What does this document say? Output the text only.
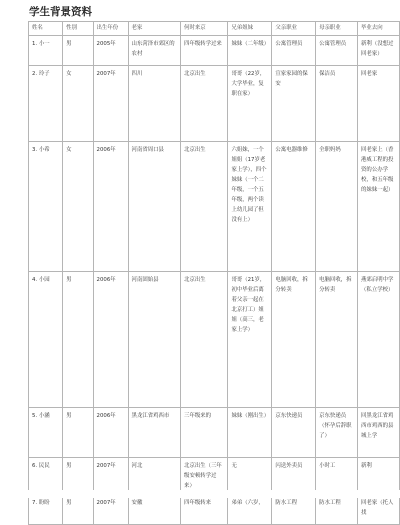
学生背景资料
姓名	性别	出生年份	老家	何时来京	兄弟姐妹	父亲职业	母亲职业	毕业去向
1. 小一	男	2005年	山东菏泽市郊区的农村	四年级转学过来	妹妹（二年级）	公寓管理员	公寓管理员	新利（没想过回老家）
2. 玲子	女	2007年	四川	北京出生	哥哥（22岁，大学毕业，复职在家）	宣家家园的保安	保洁员	回老家
3. 小希	女	2006年	河南省周口县	北京出生	六姐妹，一个姐姐（17岁老家上学），四个妹妹（一个二年级，一个五年级，两个读上幼儿园了但没有上）	公寓电器维修	全职妈妈	回老家上（香港威工程的投资的公办学校，和五年级的妹妹一起）
4. 小园	男	2006年	河南固始县	北京出生	哥哥（21岁，初中毕业后离着父亲一起在北京打工）姐姐（高三，老家上学）	电脑回收，拆分转卖	电脑回收，拆分转卖	燕郊启明中学（私立学校）
5. 小涵	男	2006年	黑龙江省鸡西市	三年级来的	妹妹（刚出生）	京东快递员	京东快递员（怀孕后辞职了）	回黑龙江省鸡西市鸡西的县城上学
6. 民民	男	2007年	河北	北京出生（三年级安顿转学过来）	无	闪送外卖员	小时工	新利
7. 盼盼	男	2007年	安徽	四年级转来	弟弟（六岁，	防水工程	防水工程	回老家（托人找
